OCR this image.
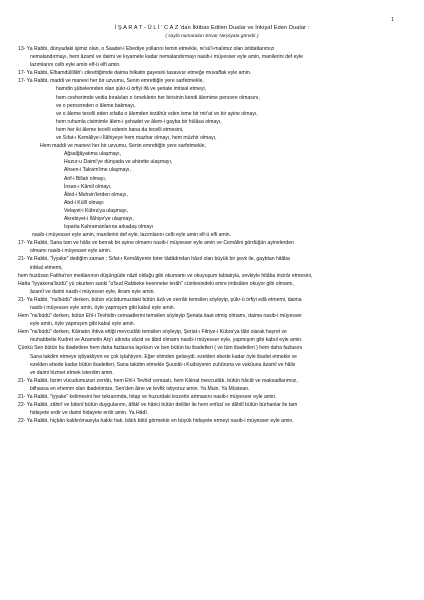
1
İ Ş A R A T - Ü L İ ' C A Z 'dan İktibas Edilen Dualar ve İnkişaf Eden Dualar :
( sayfa numaraları Envar Neşriyata göredir )
13- Ya Rabbi, dünyadaki işimiz olan, o Saadet-i Ebediye yollarını temin etmekle, re'sü'l-malımız olan istidatlarımızı
nemalandırmayı, hem âzamî ve daimi ve kıyamete kadar nemalandırmayı nasib-i müyesser eyle amin, manilerini def eyle
lazımlarını celb eyle amin elf-ü elfi amin.
17- Ya Rabbi, Elhamdülillâh'ı zikrettiğimde daima hilkatin gayesini tasavvur etmeğe muvaffak eyle amin.
17- Ya Rabbi, maddi ve manevi her bir uzvumu, Senin emrettiğin yere sarfetmekle,
hamdin şûbelerinden olan şükr-ü örfiyi ifâ ve şeriate imtisal etmeyi,
hem cevherimde vedia bırakılan o örneklerin her birisinin kendi âlemime pencere olmasını,
ve o pencereden o âleme bakmayı,
ve o âleme tecelli eden sıfatla o âlemden tezâhür eden isme bir mir'at ve bir ayine olmayı,
hem ruhumla cisimimle âlem-i şehadet ve âlem-i gayba bir hülâsa olmayı,
hem her iki âleme tecelli edenin bana da tecelli etmesini,
ve Sıfat-ı Kemâliye-i İlâhiyeye hem mazhar olmayı, hem müzhir olmayı,
Hem maddi ve manevi her bir uzvumu, Senin emrettiğin yere sarfetmekle,
Ağsalğâyatıma ulaşmayı,
Huzur-u Daimi'ye dünyada ve ahirette ulaşmayı,
Ahsen-i Takvim'ime ulaşmayı,
Arif-i Billah olmayı,
İnsan-ı Kâmil olmayı,
Âbid-i Muhsin'lerden olmayı,
Abd-i Küllî olmayı
Velayet-i Kübra'ya ulaşmayı,
Akrebiyet-i İlâhiye'ye ulaşmayı,
Isparta Kahramanlarına arkadaş olmayı
nasib-i müyesser eyle amin, manilerini def eyle, lazımlarını celb eyle amin elf-ü elfi amin.
17- Ya Rabbi, Sana tam ve hâlis ve berrak bir ayine olmamı nasib-i müyesser eyle amin ve Cemâlini gördüğün ayinelerden
olmamı nasib-i müyesser eyle amin.
21- Ya Rabbi, "İyyake" dediğim zaman ; Sıfat-ı Kemâliyenin birer tâdâdından hâsıl olan büyük bir şevk ile, gaybtan hitâba
intikal etmemi,
hem huzûsan Fatiha'nın meâlanının düşüngüde nâzil olduğu gibi okumamı ve okuyuşum tabiatıyla, zevkiyle hitâba incirâr etmesini,
Hatta "iyyakena'büdü" yü okurken sanki "u'bud Rabbeke keenneke terâh" cümlesindeki emre imtisâlen okuyor gibi olmamı,
âzamî ve daimi nasib-i müyesser eyle, ikram eyle amin.
21- Ya Rabbi, "na'büdü" derken, bütün vücûdumuzdaki bütün âzâ ve zerrâtı temsilen söyleyip, şükr-ü örfiyi edâ etmemi, daima
nasib-i müyesser eyle amin, öyle yapmışım gibi kabul eyle amin.
Hem "na'büdü" derken, bütün Ehl-i Tevhidin cemaatlerini temsilen söyleyip Şeriata itaat etmiş olmamı, daima nasib-i müyesser
eyle amin, öyle yapmışım gibi kabul eyle amin.
Hem "na'büdü" derken, Kâinatın ihtiva ettiği mevcudâtı temsilen söyleyip, Şeriat-ı Fitriye-i Kübra'ya tâbi olarak hayret ve
muhabbetle Kudret ve Azametin Arş'ı altında sâcid ve âbid olmamı nasib-i müyesser eyle, yapmışım gibi kabul eyle amin.
Çünkü Sen bütün bu ibadetlere hem daha fazlasına layıksın ve ben bütün bu ibadetleri ( ve tüm ibadetleri ) hem daha fazlasını
Sana takdim etmeye iştiyakliyım ve çok iştahlıyım. Eğer elimden gelseydi, ezelden ebede kadar öyle ibadet etmekle ve
ezelden ebede kadar bütün ibadetleri, Sana takdim etmekle Şuunât-ı Kudsiyenin zuhûruna ve vukûuna âzamî ve hâlis
ve daimi hizmet etmek isterdim amin.
21- Ya Rabbi, bizim vücudumuzun zerrâtı, hem Ehl-i Tevhid cemaatı, hem Kâinat mevcudâtı, bütün hâcât ve maksadlarımızı,
bilhassa en ehemm olan ibadetimize, Sen'den âine ve tevfik istiyoruz amin. Ya Muin. Ya Müstean.
21- Ya Rabbi, "iyyake" kelimesini her tekrarımda, hitap ve huzurdaki lezzetin artmasını nasib-i müyesser eyle amin.
22- Ya Rabbi, zâhirî ve bâtınî bütün duygularımı, âfâkî ve hârici bütün deliller ile hem enfüsî ve dâhilî bütün bürhanlar ile tam
hidayete erdir ve daimi hidayete erdir amin. Ya Hâdî.
22- Ya Rabbi, hiçbân kaldırılmasıyla hakkı hak, bâtılı bâtıl görmekle en büyük hidayete ermeyi nasib-i müyesser eyle amin.
